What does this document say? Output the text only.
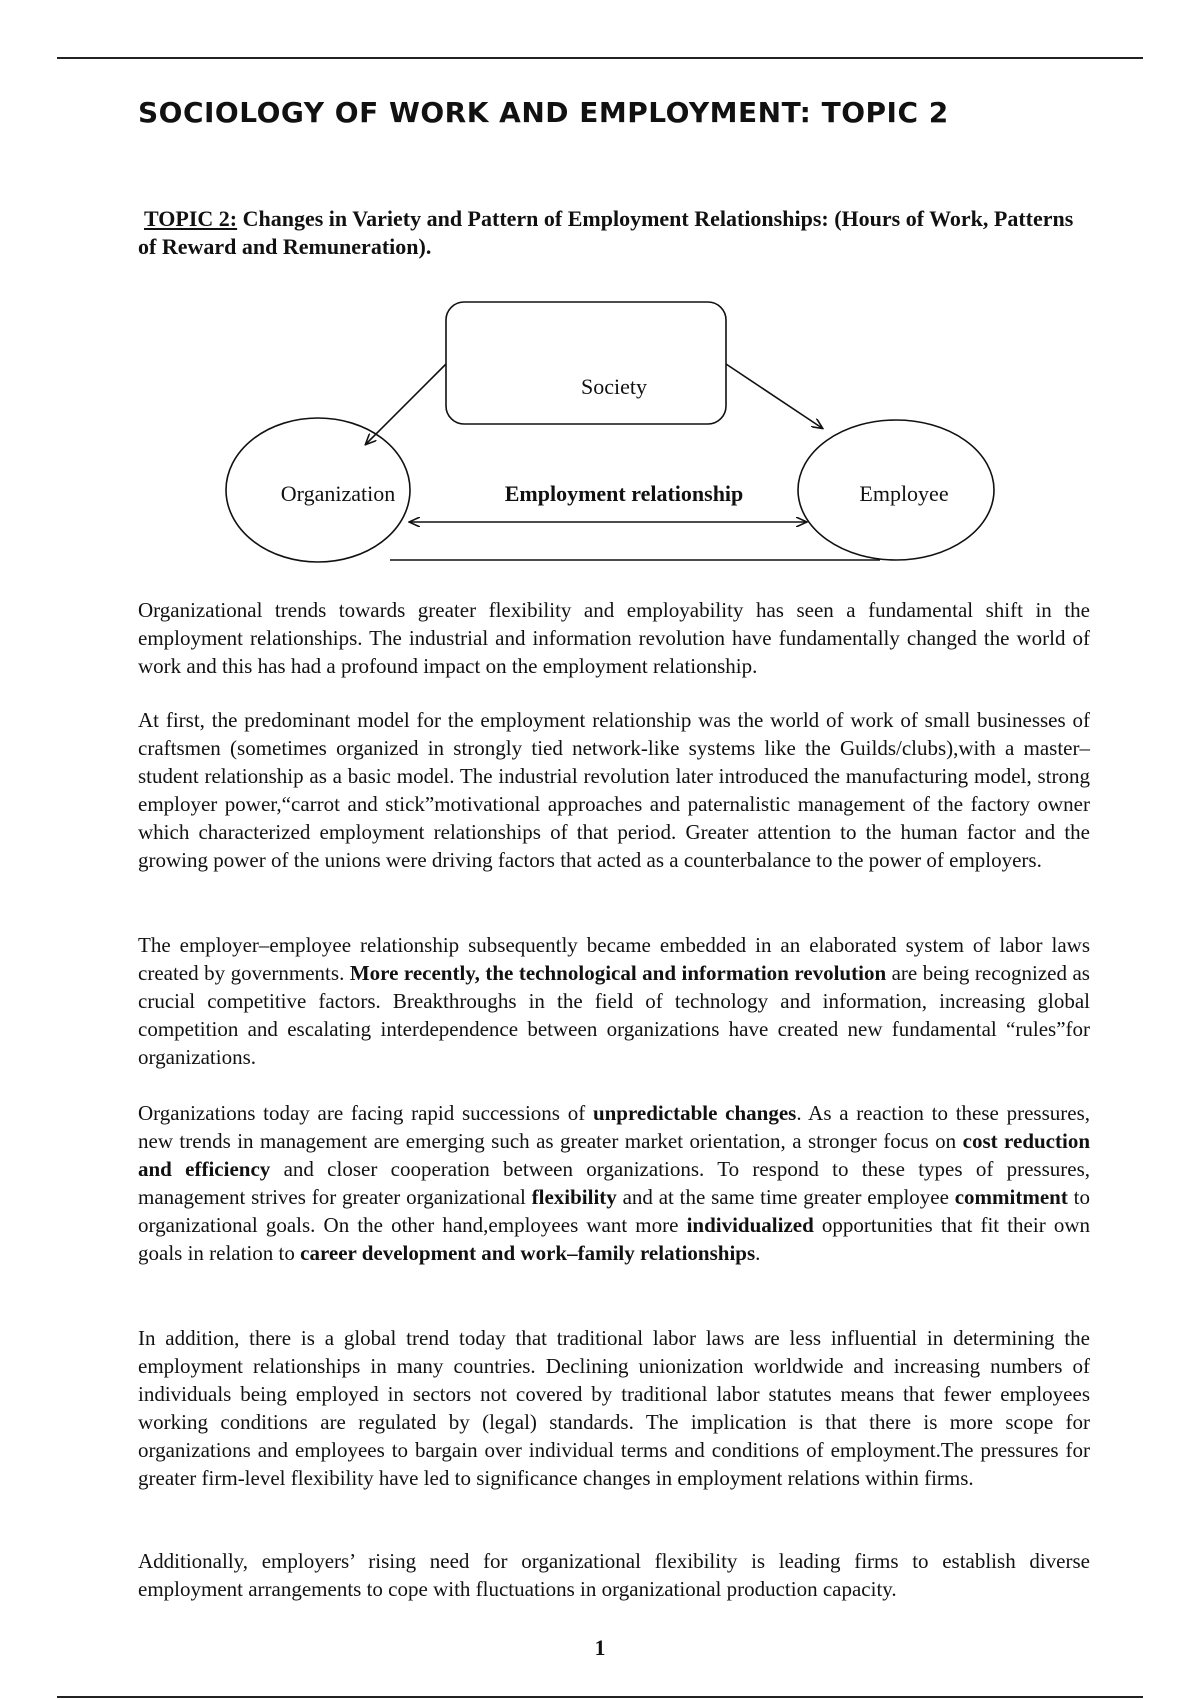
SOCIOLOGY OF WORK AND EMPLOYMENT: TOPIC 2

TOPIC 2: Changes in Variety and Pattern of Employment Relationships: (Hours of Work, Patterns of Reward and Remuneration).

Society
Organization	Employee
Employment relationship

Organizational trends towards greater flexibility and employability has seen a fundamental shift in the employment relationships. The industrial and information revolution have fundamentally changed the world of work and this has had a profound impact on the employment relationship.

At first, the predominant model for the employment relationship was the world of work of small businesses of craftsmen (sometimes organized in strongly tied network-like systems like the Guilds/clubs),with a master–student relationship as a basic model. The industrial revolution later introduced the manufacturing model, strong employer power,“carrot and stick”motivational approaches and paternalistic management of the factory owner which characterized employment relationships of that period. Greater attention to the human factor and the growing power of the unions were driving factors that acted as a counterbalance to the power of employers.

The employer–employee relationship subsequently became embedded in an elaborated system of labor laws created by governments. More recently, the technological and information revolution are being recognized as crucial competitive factors. Breakthroughs in the field of technology and information, increasing global competition and escalating interdependence between organizations have created new fundamental “rules”for organizations.

Organizations today are facing rapid successions of unpredictable changes. As a reaction to these pressures, new trends in management are emerging such as greater market orientation, a stronger focus on cost reduction and efficiency and closer cooperation between organizations. To respond to these types of pressures, management strives for greater organizational flexibility and at the same time greater employee commitment to organizational goals. On the other hand,employees want more individualized opportunities that fit their own goals in relation to career development and work–family relationships.

In addition, there is a global trend today that traditional labor laws are less influential in determining the employment relationships in many countries. Declining unionization worldwide and increasing numbers of individuals being employed in sectors not covered by traditional labor statutes means that fewer employees working conditions are regulated by (legal) standards. The implication is that there is more scope for organizations and employees to bargain over individual terms and conditions of employment.The pressures for greater firm-level flexibility have led to significance changes in employment relations within firms.

Additionally, employers’ rising need for organizational flexibility is leading firms to establish diverse employment arrangements to cope with fluctuations in organizational production capacity.

1
